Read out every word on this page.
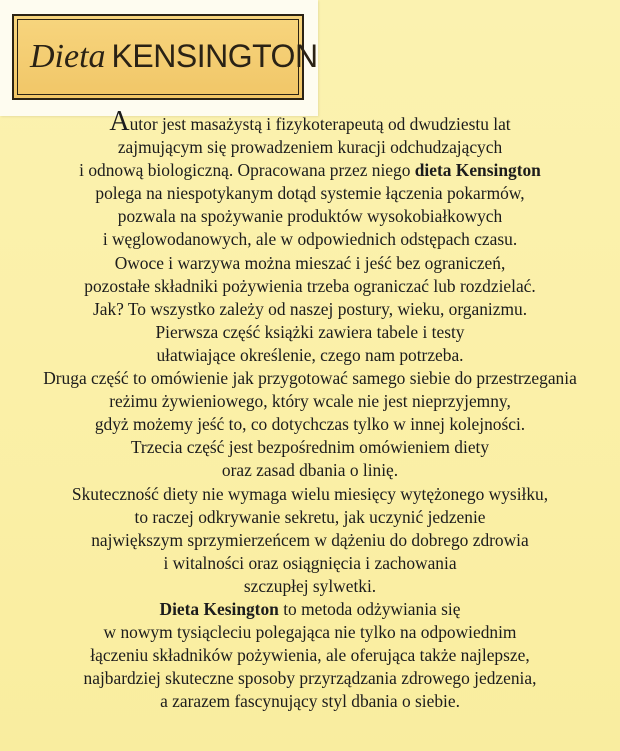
Dieta KENSINGTON
Autor jest masażystą i fizykoterapeutą od dwudziestu lat
zajmującym się prowadzeniem kuracji odchudzających
i odnową biologiczną. Opracowana przez niego dieta Kensington
polega na niespotykanym dotąd systemie łączenia pokarmów,
pozwala na spożywanie produktów wysokobiałkowych
i węglowodanowych, ale w odpowiednich odstępach czasu.
Owoce i warzywa można mieszać i jeść bez ograniczeń,
pozostałe składniki pożywienia trzeba ograniczać lub rozdzielać.
Jak? To wszystko zależy od naszej postury, wieku, organizmu.
Pierwsza część książki zawiera tabele i testy
ułatwiające określenie, czego nam potrzeba.
Druga część to omówienie jak przygotować samego siebie do przestrzegania
reżimu żywieniowego, który wcale nie jest nieprzyjemny,
gdyż możemy jeść to, co dotychczas tylko w innej kolejności.
Trzecia część jest bezpośrednim omówieniem diety
oraz zasad dbania o linię.
Skuteczność diety nie wymaga wielu miesięcy wytężonego wysiłku,
to raczej odkrywanie sekretu, jak uczynić jedzenie
największym sprzymierzeńcem w dążeniu do dobrego zdrowia
i witalności oraz osiągnięcia i zachowania
szczupłej sylwetki.
Dieta Kesington to metoda odżywiania się
w nowym tysiącleciu polegająca nie tylko na odpowiednim
łączeniu składników pożywienia, ale oferująca także najlepsze,
najbardziej skuteczne sposoby przyrządzania zdrowego jedzenia,
a zarazem fascynujący styl dbania o siebie.
